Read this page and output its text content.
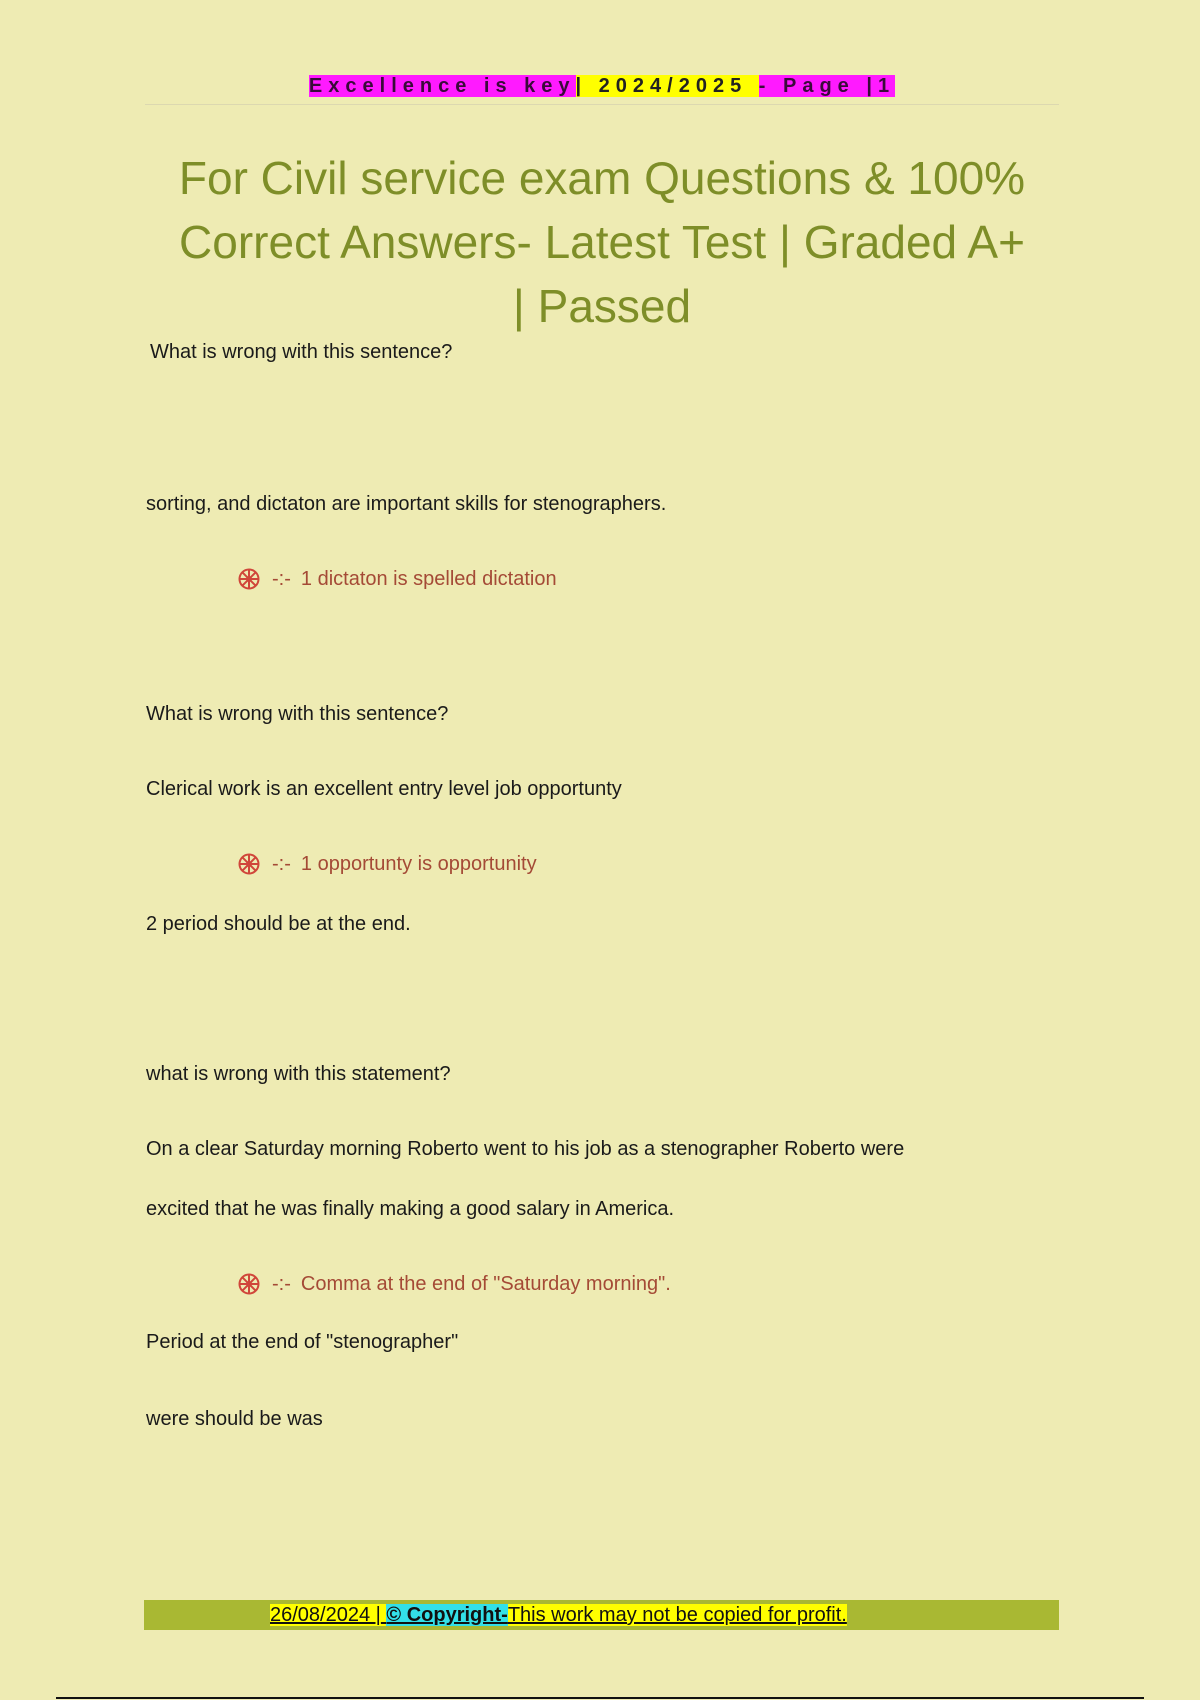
Excellence is key| 2024/2025 - Page |1
For Civil service exam Questions & 100%
Correct Answers- Latest Test | Graded A+
| Passed
What is wrong with this sentence?
sorting, and dictaton are important skills for stenographers.
-:- 1 dictaton is spelled dictation
What is wrong with this sentence?
Clerical work is an excellent entry level job opportunty
-:- 1 opportunty is opportunity
2 period should be at the end.
what is wrong with this statement?
On a clear Saturday morning Roberto went to his job as a stenographer Roberto were
excited that he was finally making a good salary in America.
-:- Comma at the end of "Saturday morning".
Period at the end of "stenographer"
were should be was
26/08/2024 | © Copyright-This work may not be copied for profit.
